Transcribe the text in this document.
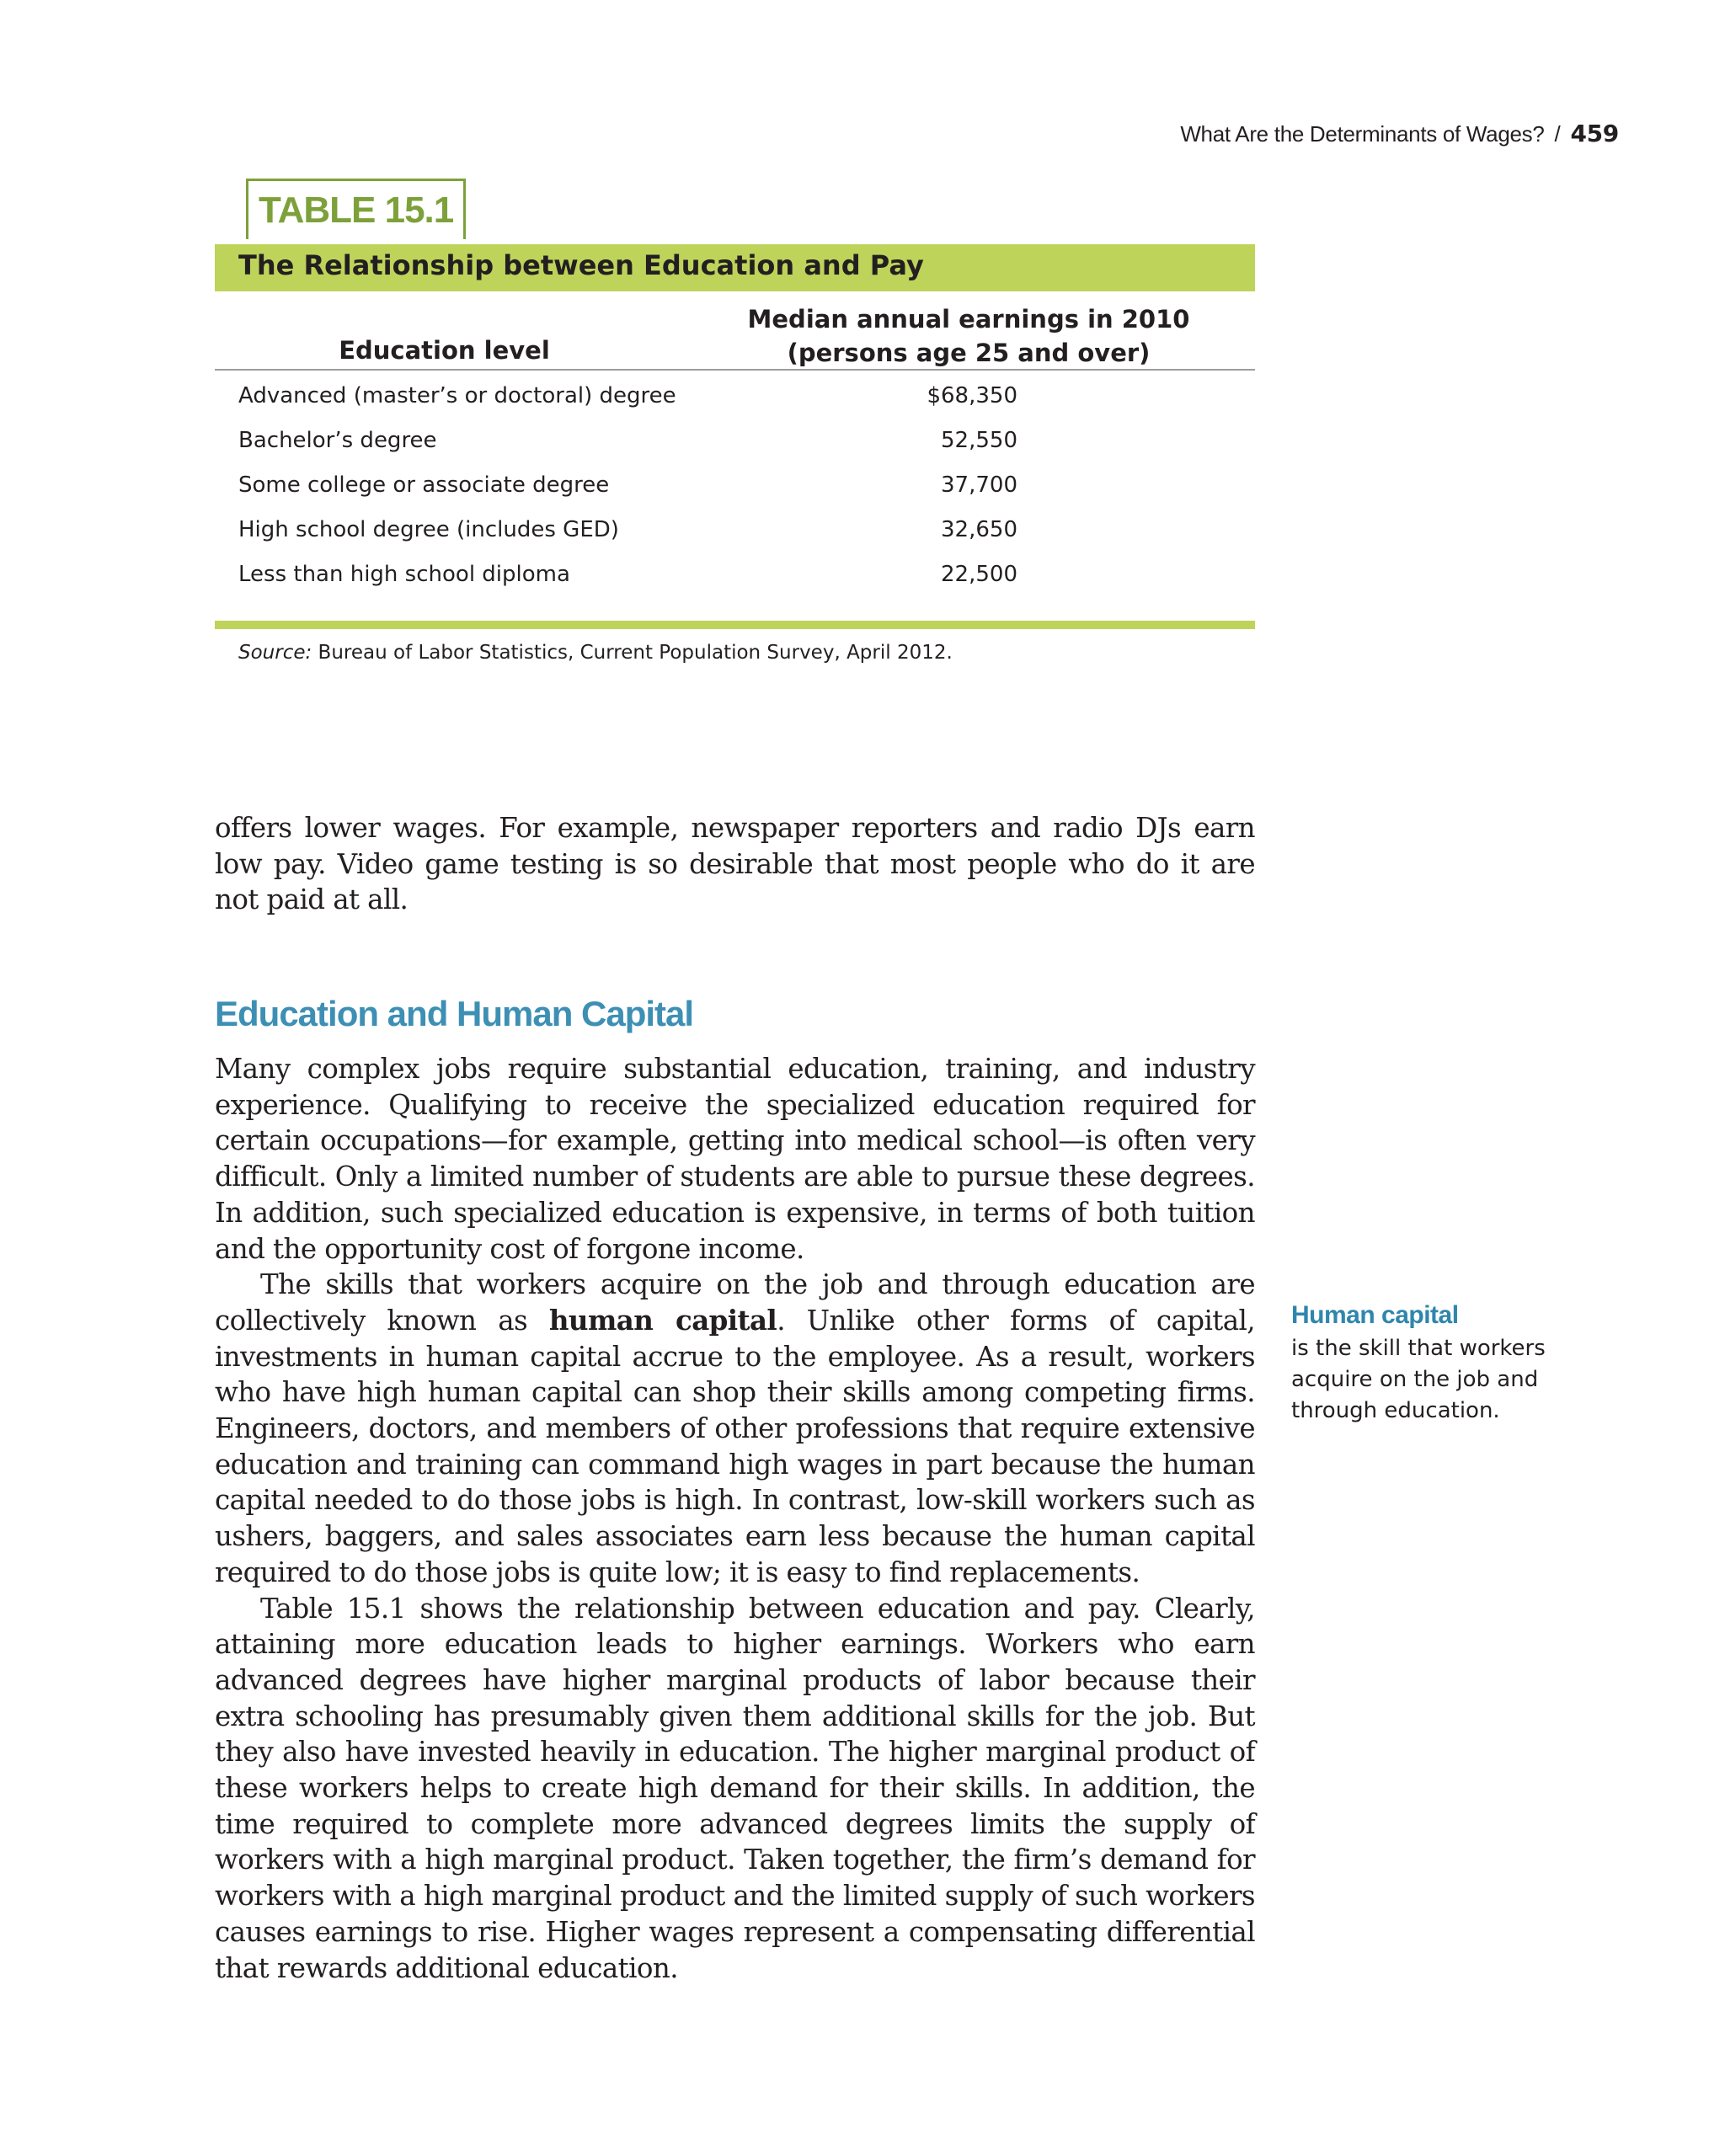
What Are the Determinants of Wages? / 459
TABLE 15.1
The Relationship between Education and Pay
Education level
Median annual earnings in 2010
(persons age 25 and over)
Advanced (master’s or doctoral) degree	$68,350
Bachelor’s degree	52,550
Some college or associate degree	37,700
High school degree (includes GED)	32,650
Less than high school diploma	22,500
Source: Bureau of Labor Statistics, Current Population Survey, April 2012.

offers lower wages. For example, newspaper reporters and radio DJs earn low pay. Video game testing is so desirable that most people who do it are not paid at all.

Education and Human Capital

Many complex jobs require substantial education, training, and industry experience. Qualifying to receive the specialized education required for certain occupations—for example, getting into medical school—is often very difficult. Only a limited number of students are able to pursue these degrees. In addition, such specialized education is expensive, in terms of both tuition and the opportunity cost of forgone income.

The skills that workers acquire on the job and through education are collectively known as human capital. Unlike other forms of capital, investments in human capital accrue to the employee. As a result, workers who have high human capital can shop their skills among competing firms. Engineers, doctors, and members of other professions that require extensive education and training can command high wages in part because the human capital needed to do those jobs is high. In contrast, low-skill workers such as ushers, baggers, and sales associates earn less because the human capital required to do those jobs is quite low; it is easy to find replacements.

Table 15.1 shows the relationship between education and pay. Clearly, attaining more education leads to higher earnings. Workers who earn advanced degrees have higher marginal products of labor because their extra schooling has presumably given them additional skills for the job. But they also have invested heavily in education. The higher marginal product of these workers helps to create high demand for their skills. In addition, the time required to complete more advanced degrees limits the supply of workers with a high marginal product. Taken together, the firm’s demand for workers with a high marginal product and the limited supply of such workers causes earnings to rise. Higher wages represent a compensating differential that rewards additional education.

Human capital
is the skill that workers acquire on the job and through education.
